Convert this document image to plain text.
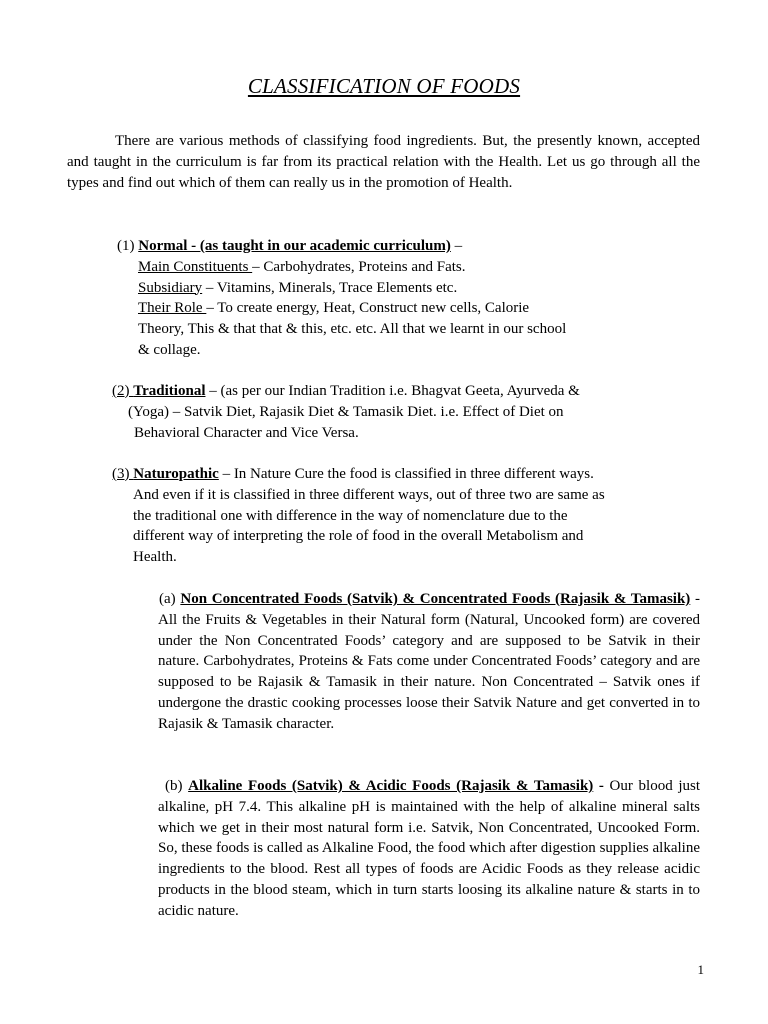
CLASSIFICATION OF FOODS

There are various methods of classifying food ingredients. But, the presently known, accepted and taught in the curriculum is far from its practical relation with the Health. Let us go through all the types and find out which of them can really us in the promotion of Health.

(1) Normal - (as taught in our academic curriculum) –
Main Constituents – Carbohydrates, Proteins and Fats.
Subsidiary – Vitamins, Minerals, Trace Elements etc.
Their Role – To create energy, Heat, Construct new cells, Calorie
Theory, This & that that & this, etc. etc. All that we learnt in our school
& collage.
(2) Traditional – (as per our Indian Tradition i.e. Bhagvat Geeta, Ayurveda &
(Yoga) – Satvik Diet, Rajasik Diet & Tamasik Diet. i.e. Effect of Diet on
Behavioral Character and Vice Versa.
(3) Naturopathic – In Nature Cure the food is classified in three different ways.
And even if it is classified in three different ways, out of three two are same as
the traditional one with difference in the way of nomenclature due to the
different way of interpreting the role of food in the overall Metabolism and
Health.

(a) Non Concentrated Foods (Satvik) & Concentrated Foods (Rajasik & Tamasik) - All the Fruits & Vegetables in their Natural form (Natural, Uncooked form) are covered under the Non Concentrated Foods’ category and are supposed to be Satvik in their nature. Carbohydrates, Proteins & Fats come under Concentrated Foods’ category and are supposed to be Rajasik & Tamasik in their nature. Non Concentrated – Satvik ones if undergone the drastic cooking processes loose their Satvik Nature and get converted in to Rajasik & Tamasik character.

(b) Alkaline Foods (Satvik) & Acidic Foods (Rajasik & Tamasik) - Our blood just alkaline, pH 7.4. This alkaline pH is maintained with the help of alkaline mineral salts which we get in their most natural form i.e. Satvik, Non Concentrated, Uncooked Form. So, these foods is called as Alkaline Food, the food which after digestion supplies alkaline ingredients to the blood. Rest all types of foods are Acidic Foods as they release acidic products in the blood steam, which in turn starts loosing its alkaline nature & starts in to acidic nature.

1
